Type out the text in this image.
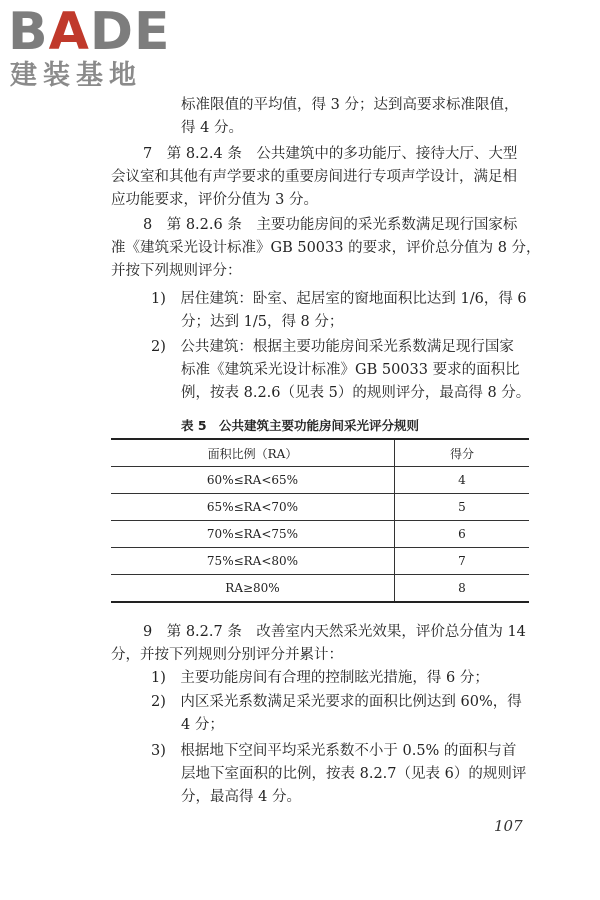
BADE
建装基地
标准限值的平均值，得 3 分；达到高要求标准限值，
得 4 分。
7　第 8.2.4 条　公共建筑中的多功能厅、接待大厅、大型
会议室和其他有声学要求的重要房间进行专项声学设计，满足相
应功能要求，评价分值为 3 分。
8　第 8.2.6 条　主要功能房间的采光系数满足现行国家标
准《建筑采光设计标准》GB 50033 的要求，评价总分值为 8 分，
并按下列规则评分：
1)　居住建筑：卧室、起居室的窗地面积比达到 1/6，得 6
分；达到 1/5，得 8 分；
2)　公共建筑：根据主要功能房间采光系数满足现行国家
标准《建筑采光设计标准》GB 50033 要求的面积比
例，按表 8.2.6（见表 5）的规则评分，最高得 8 分。
表 5　公共建筑主要功能房间采光评分规则
面积比例（RA）	得分
60%≤RA<65%	4
65%≤RA<70%	5
70%≤RA<75%	6
75%≤RA<80%	7
RA≥80%	8
9　第 8.2.7 条　改善室内天然采光效果，评价总分值为 14
分，并按下列规则分别评分并累计：
1)　主要功能房间有合理的控制眩光措施，得 6 分；
2)　内区采光系数满足采光要求的面积比例达到 60%，得
4 分；
3)　根据地下空间平均采光系数不小于 0.5% 的面积与首
层地下室面积的比例，按表 8.2.7（见表 6）的规则评
分，最高得 4 分。
107
